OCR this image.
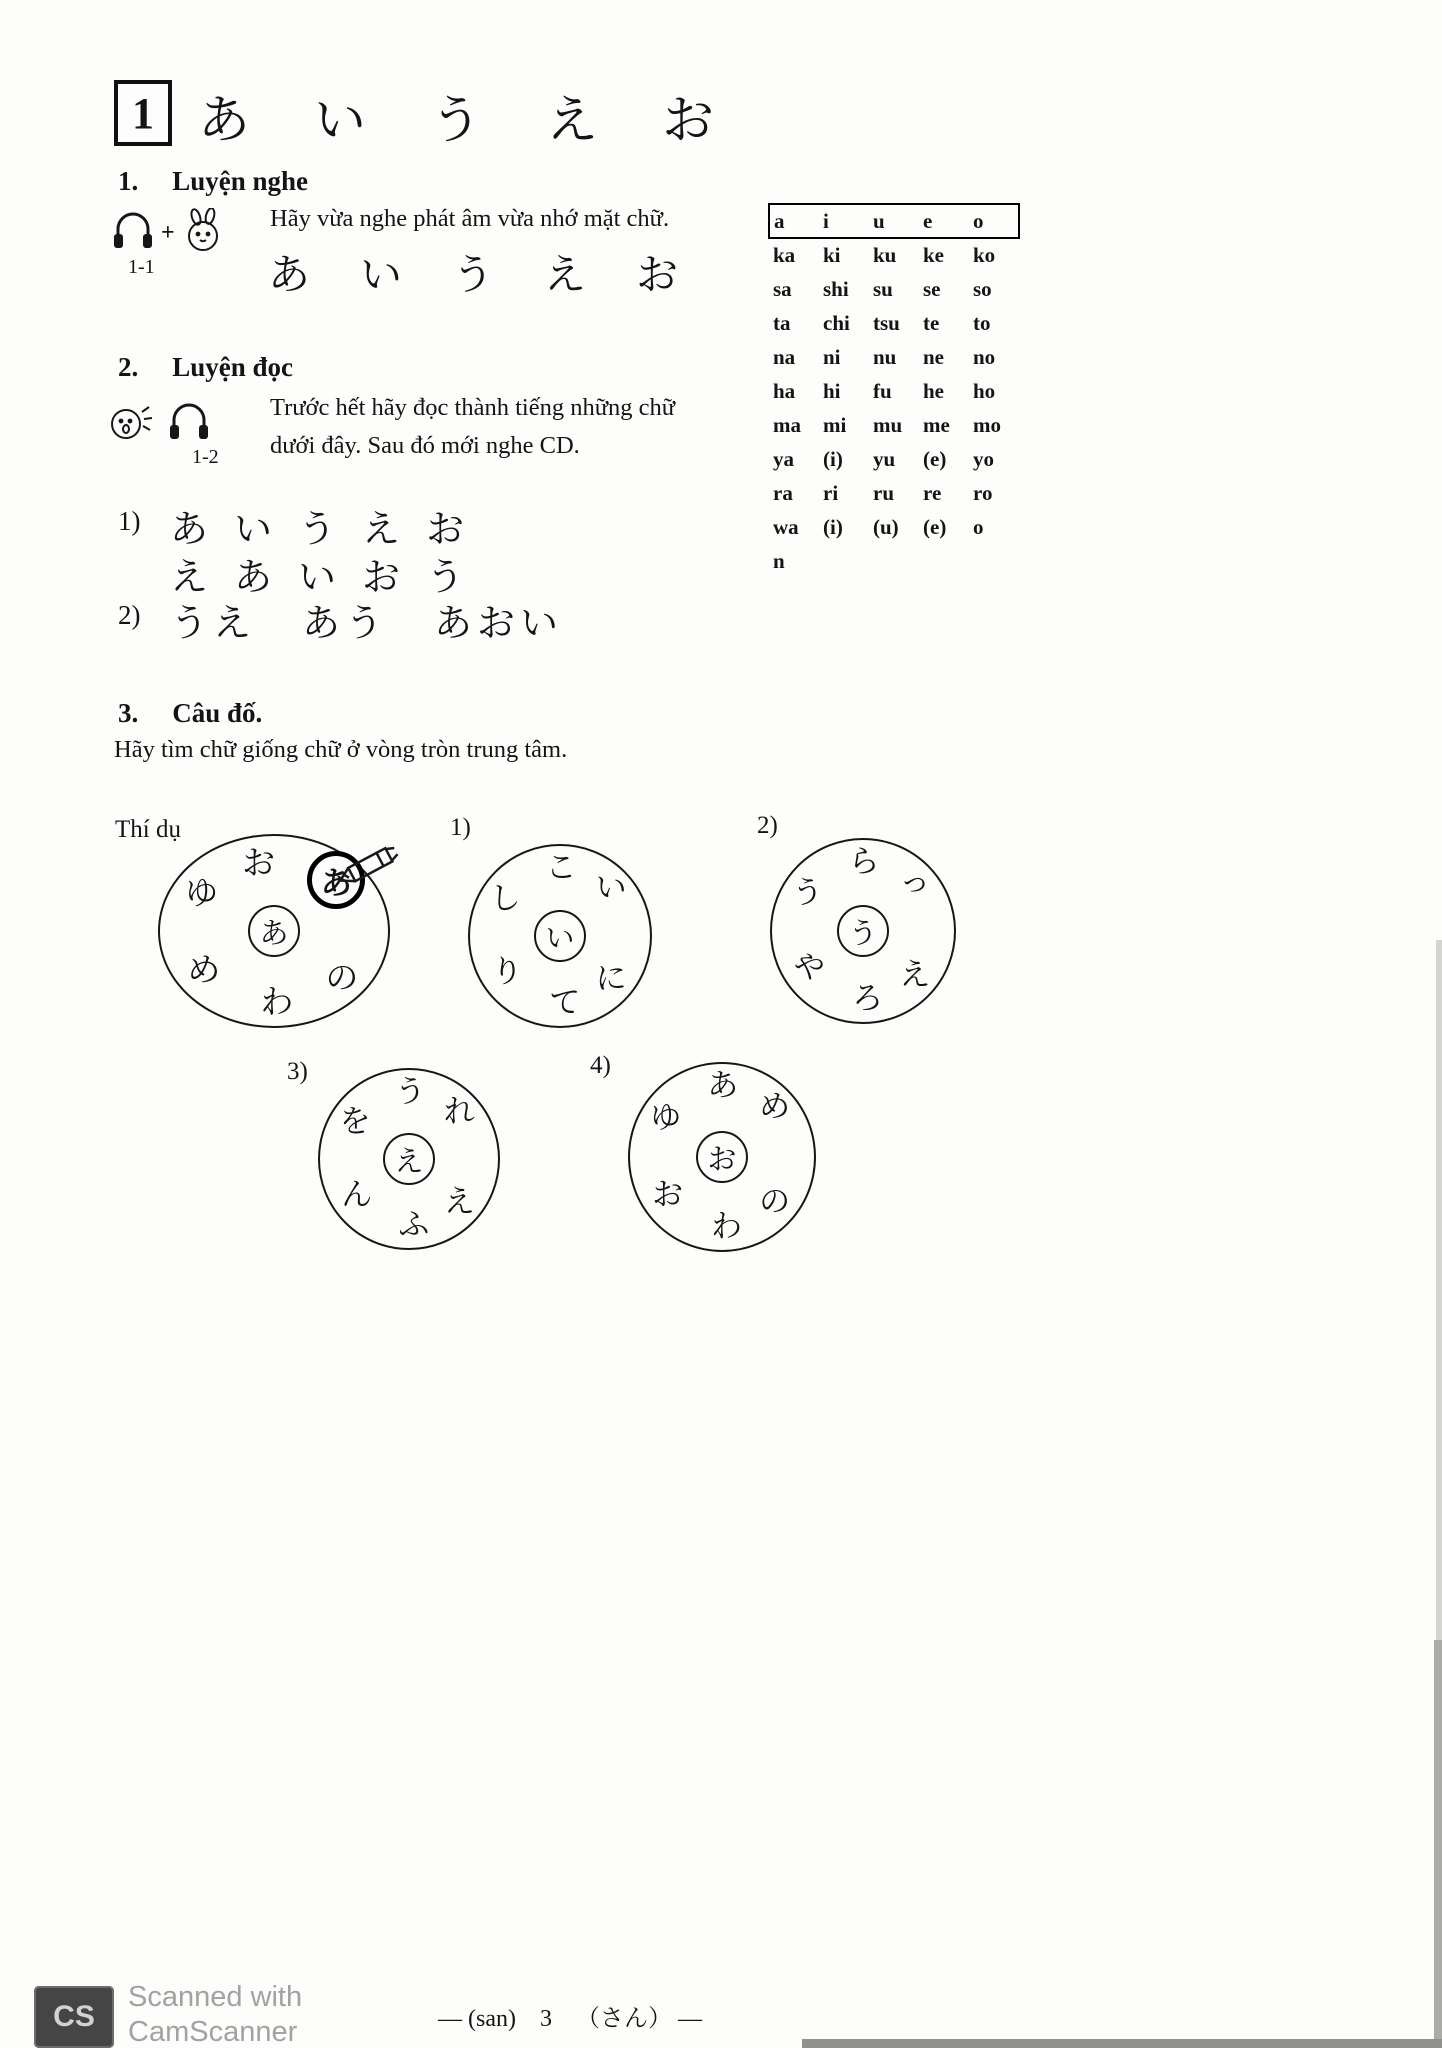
1 あ い う え お
1. Luyện nghe
+
1-1
Hãy vừa nghe phát âm vừa nhớ mặt chữ.
あ い う え お
a	i	u	e	o
ka	ki	ku	ke	ko
sa	shi	su	se	so
ta	chi	tsu	te	to
na	ni	nu	ne	no
ha	hi	fu	he	ho
ma	mi	mu	me	mo
ya	(i)	yu	(e)	yo
ra	ri	ru	re	ro
wa	(i)	(u)	(e)	o
n				
2. Luyện đọc
1-2
Trước hết hãy đọc thành tiếng những chữ
dưới đây. Sau đó mới nghe CD.
1) あ い う え お
え あ い お う
2) うえ あう あおい
3. Câu đố.
Hãy tìm chữ giống chữ ở vòng tròn trung tâm.
Thí dụ
お
あ
ゆ
め
わ
の
あ
1)
こ
い
し
り
て
に
い
2)
ら
っ
う
や
ろ
え
う
3)
う
れ
を
ん
ふ
え
え
4)
あ
め
ゆ
お
わ
の
お
CS
Scanned with
CamScanner	— (san)    3    （さん） —
